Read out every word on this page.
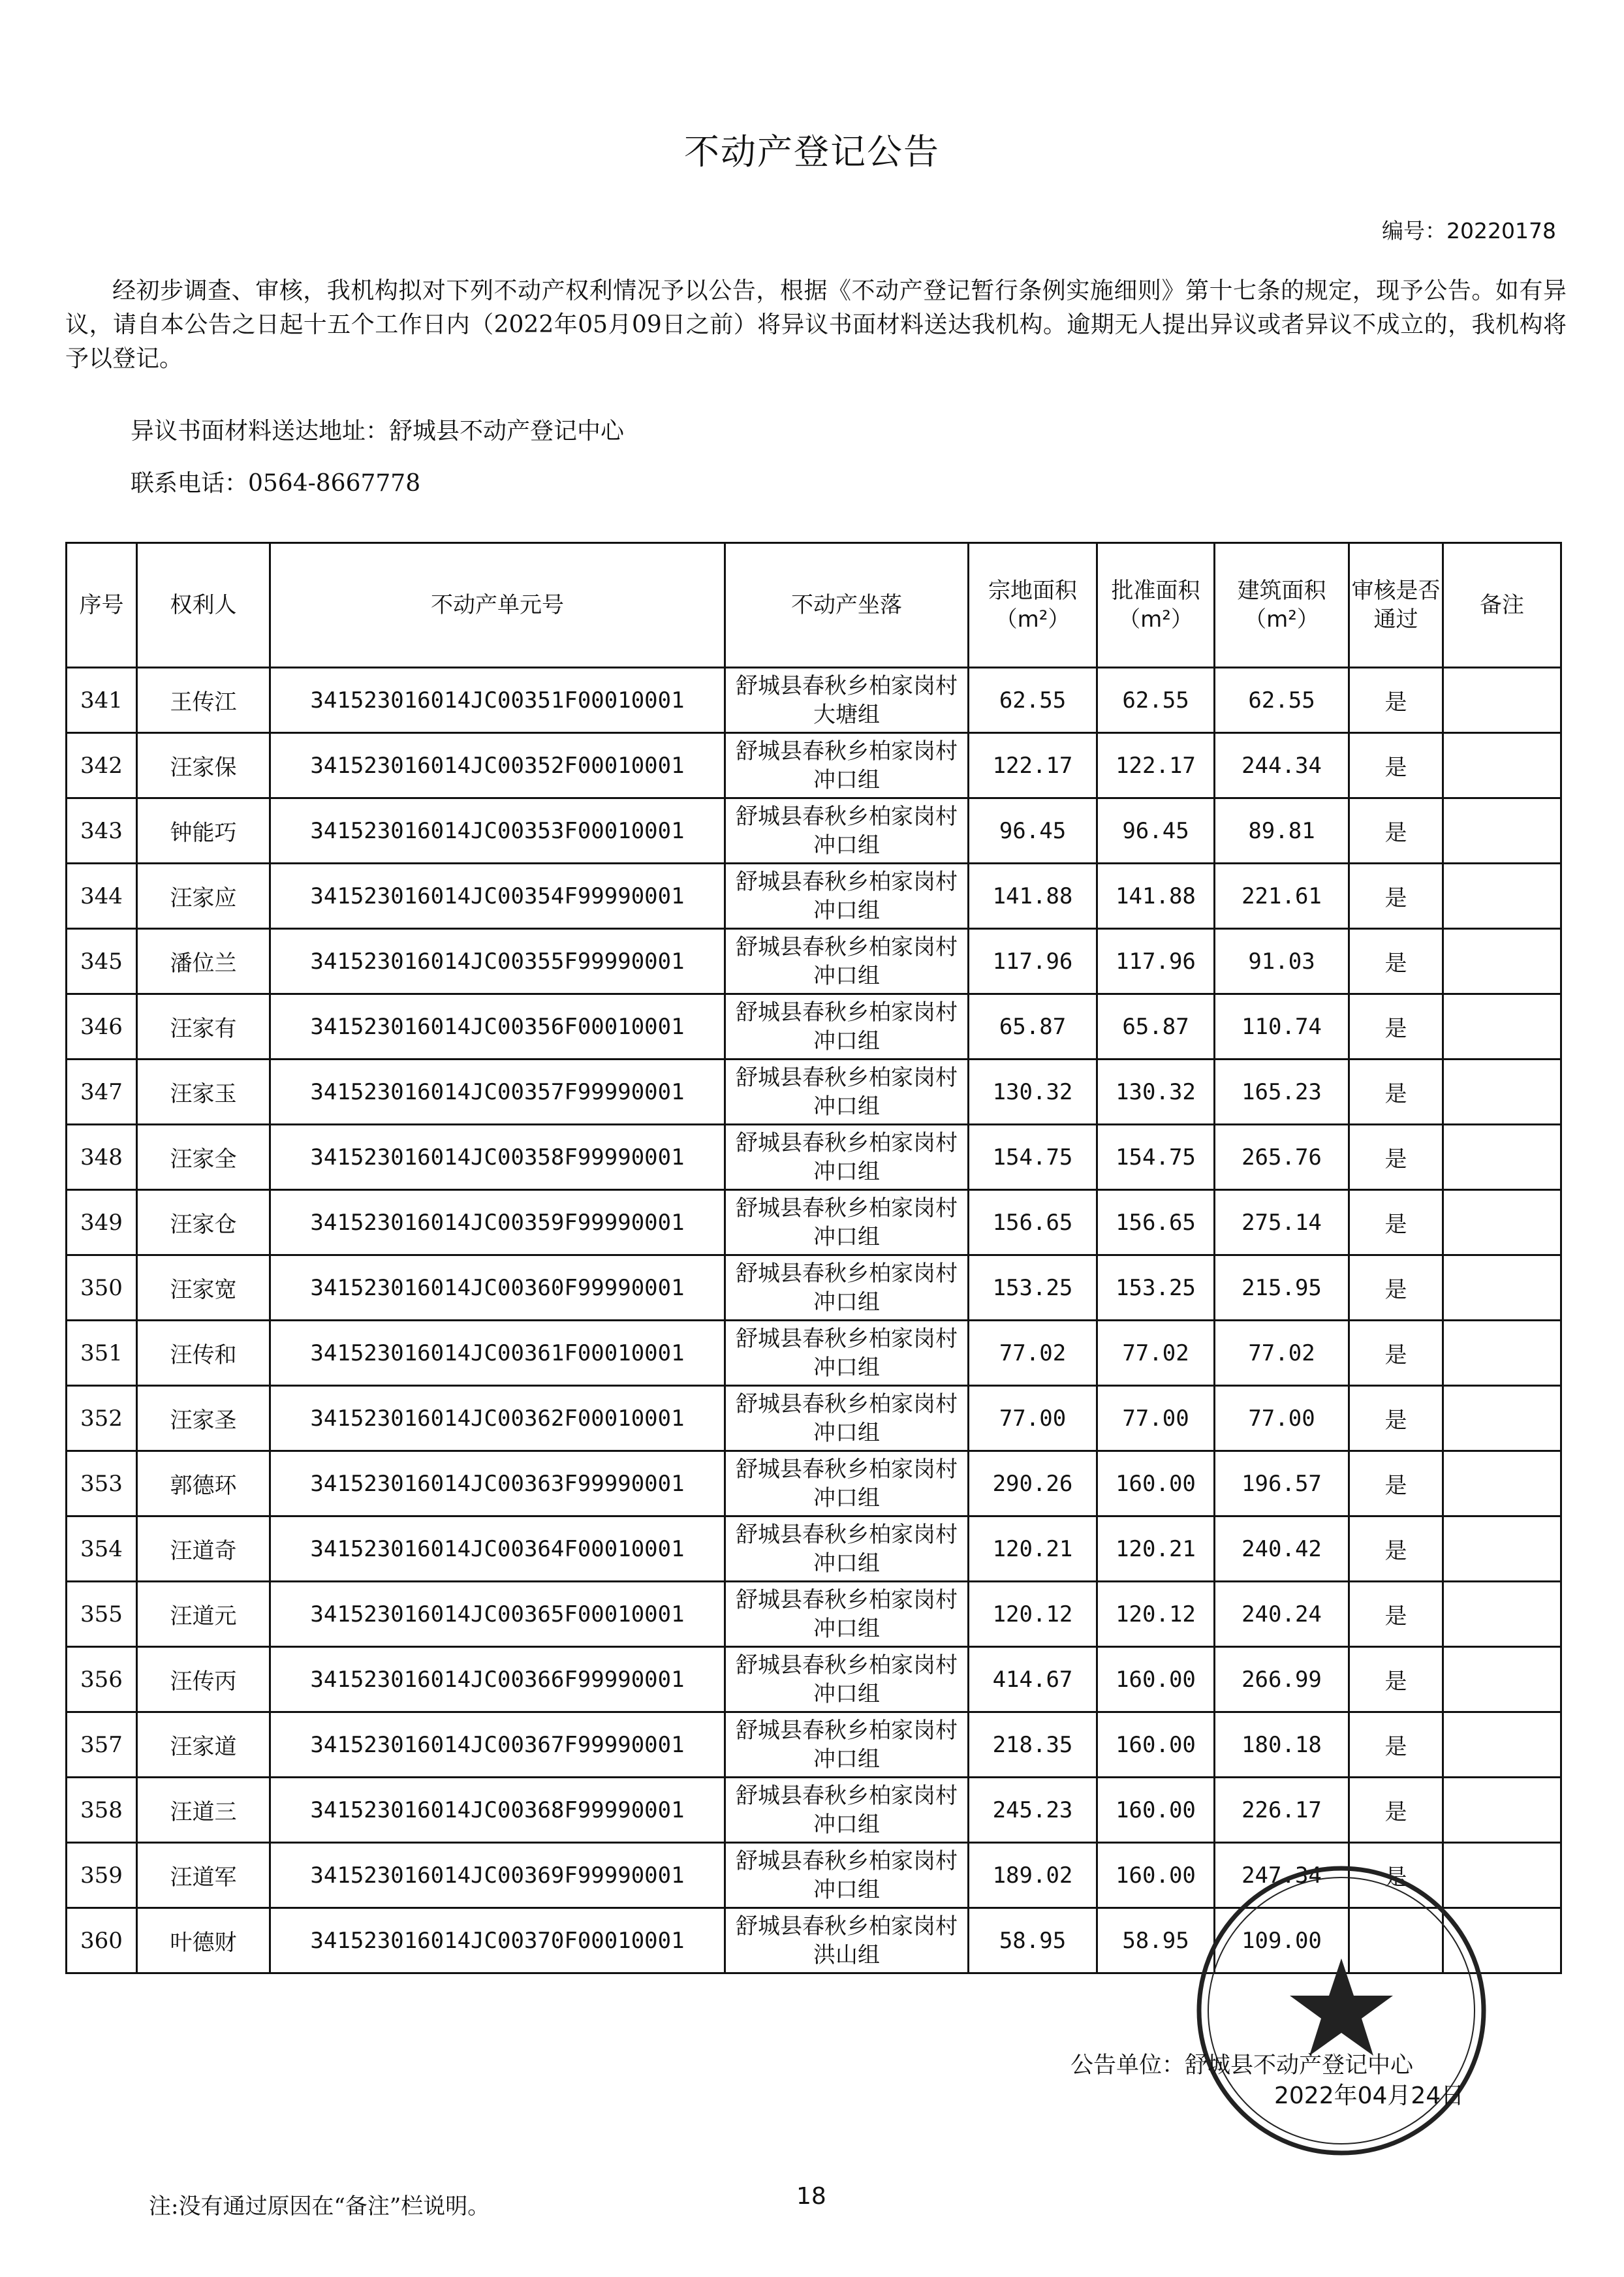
不动产登记公告
编号：20220178
经初步调查、审核，我机构拟对下列不动产权利情况予以公告，根据《不动产登记暂行条例实施细则》第十七条的规定，现予公告。如有异议，请自本公告之日起十五个工作日内（2022年05月09日之前）将异议书面材料送达我机构。逾期无人提出异议或者异议不成立的，我机构将予以登记。
异议书面材料送达地址：舒城县不动产登记中心
联系电话：0564-8667778
序号	权利人	不动产单元号	不动产坐落	宗地面积（m²）	批准面积（m²）	建筑面积（m²）	审核是否通过	备注
341	王传江	341523016014JC00351F00010001	舒城县春秋乡柏家岗村大塘组	62.55	62.55	62.55	是	
342	汪家保	341523016014JC00352F00010001	舒城县春秋乡柏家岗村冲口组	122.17	122.17	244.34	是	
343	钟能巧	341523016014JC00353F00010001	舒城县春秋乡柏家岗村冲口组	96.45	96.45	89.81	是	
344	汪家应	341523016014JC00354F99990001	舒城县春秋乡柏家岗村冲口组	141.88	141.88	221.61	是	
345	潘位兰	341523016014JC00355F99990001	舒城县春秋乡柏家岗村冲口组	117.96	117.96	91.03	是	
346	汪家有	341523016014JC00356F00010001	舒城县春秋乡柏家岗村冲口组	65.87	65.87	110.74	是	
347	汪家玉	341523016014JC00357F99990001	舒城县春秋乡柏家岗村冲口组	130.32	130.32	165.23	是	
348	汪家全	341523016014JC00358F99990001	舒城县春秋乡柏家岗村冲口组	154.75	154.75	265.76	是	
349	汪家仓	341523016014JC00359F99990001	舒城县春秋乡柏家岗村冲口组	156.65	156.65	275.14	是	
350	汪家宽	341523016014JC00360F99990001	舒城县春秋乡柏家岗村冲口组	153.25	153.25	215.95	是	
351	汪传和	341523016014JC00361F00010001	舒城县春秋乡柏家岗村冲口组	77.02	77.02	77.02	是	
352	汪家圣	341523016014JC00362F00010001	舒城县春秋乡柏家岗村冲口组	77.00	77.00	77.00	是	
353	郭德环	341523016014JC00363F99990001	舒城县春秋乡柏家岗村冲口组	290.26	160.00	196.57	是	
354	汪道奇	341523016014JC00364F00010001	舒城县春秋乡柏家岗村冲口组	120.21	120.21	240.42	是	
355	汪道元	341523016014JC00365F00010001	舒城县春秋乡柏家岗村冲口组	120.12	120.12	240.24	是	
356	汪传丙	341523016014JC00366F99990001	舒城县春秋乡柏家岗村冲口组	414.67	160.00	266.99	是	
357	汪家道	341523016014JC00367F99990001	舒城县春秋乡柏家岗村冲口组	218.35	160.00	180.18	是	
358	汪道三	341523016014JC00368F99990001	舒城县春秋乡柏家岗村冲口组	245.23	160.00	226.17	是	
359	汪道军	341523016014JC00369F99990001	舒城县春秋乡柏家岗村冲口组	189.02	160.00	247.34	是	
360	叶德财	341523016014JC00370F00010001	舒城县春秋乡柏家岗村洪山组	58.95	58.95	109.00		
公告单位：舒城县不动产登记中心
2022年04月24日
注:没有通过原因在“备注”栏说明。	18
